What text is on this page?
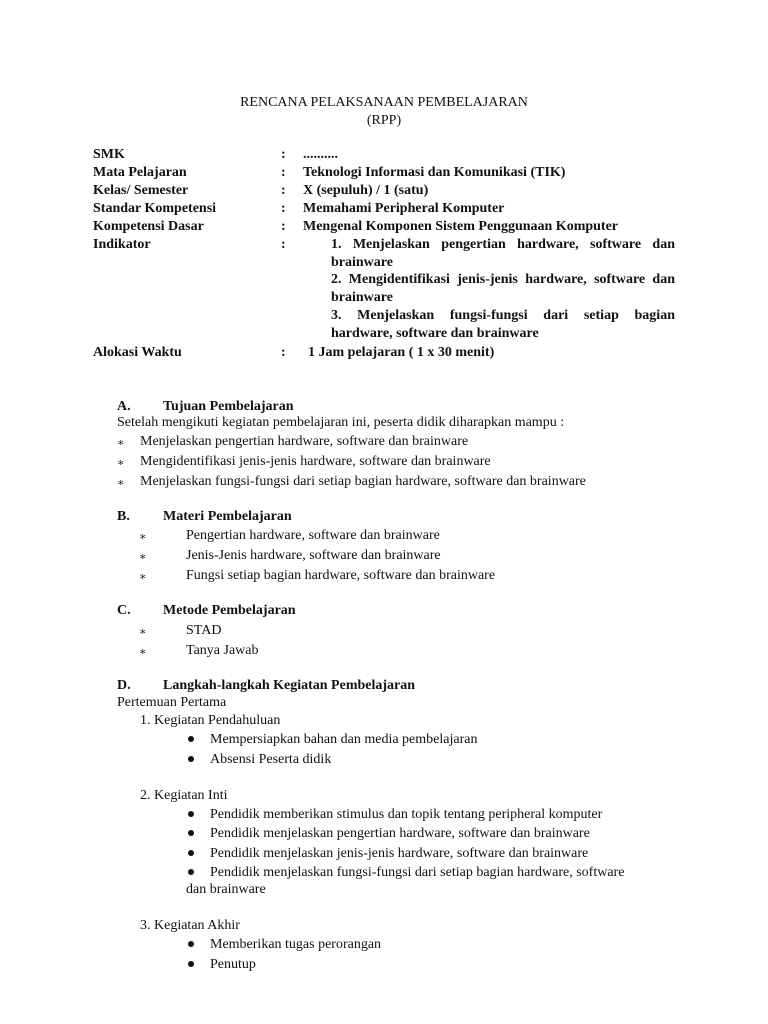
RENCANA PELAKSANAAN PEMBELAJARAN
(RPP)
SMK	: ..........
Mata Pelajaran	: Teknologi Informasi dan Komunikasi (TIK)
Kelas/ Semester	: X (sepuluh) / 1 (satu)
Standar Kompetensi	: Memahami Peripheral Komputer
Kompetensi Dasar	: Mengenal Komponen Sistem Penggunaan Komputer
Indikator	:	1. Menjelaskan pengertian hardware, software dan brainware
2. Mengidentifikasi jenis-jenis hardware, software dan brainware
3. Menjelaskan fungsi-fungsi dari setiap bagian hardware, software dan brainware
Alokasi Waktu	: 1 Jam pelajaran ( 1 x 30 menit)
A. Tujuan Pembelajaran
Setelah mengikuti kegiatan pembelajaran ini, peserta didik diharapkan mampu :
∗ Menjelaskan pengertian hardware, software dan brainware
∗ Mengidentifikasi jenis-jenis hardware, software dan brainware
∗ Menjelaskan fungsi-fungsi dari setiap bagian hardware, software dan brainware
B. Materi Pembelajaran
∗	Pengertian hardware, software dan brainware
∗	Jenis-Jenis hardware, software dan brainware
∗	Fungsi setiap bagian hardware, software dan brainware
C. Metode Pembelajaran
∗	STAD
∗	Tanya Jawab
D. Langkah-langkah Kegiatan Pembelajaran
Pertemuan Pertama
1. Kegiatan Pendahuluan
Mempersiapkan bahan dan media pembelajaran
Absensi Peserta didik
2. Kegiatan Inti
Pendidik memberikan stimulus dan topik tentang peripheral komputer
Pendidik menjelaskan pengertian hardware, software dan brainware
Pendidik menjelaskan jenis-jenis hardware, software dan brainware
Pendidik menjelaskan fungsi-fungsi dari setiap bagian hardware, software
dan brainware
3. Kegiatan Akhir
Memberikan tugas perorangan
Penutup
